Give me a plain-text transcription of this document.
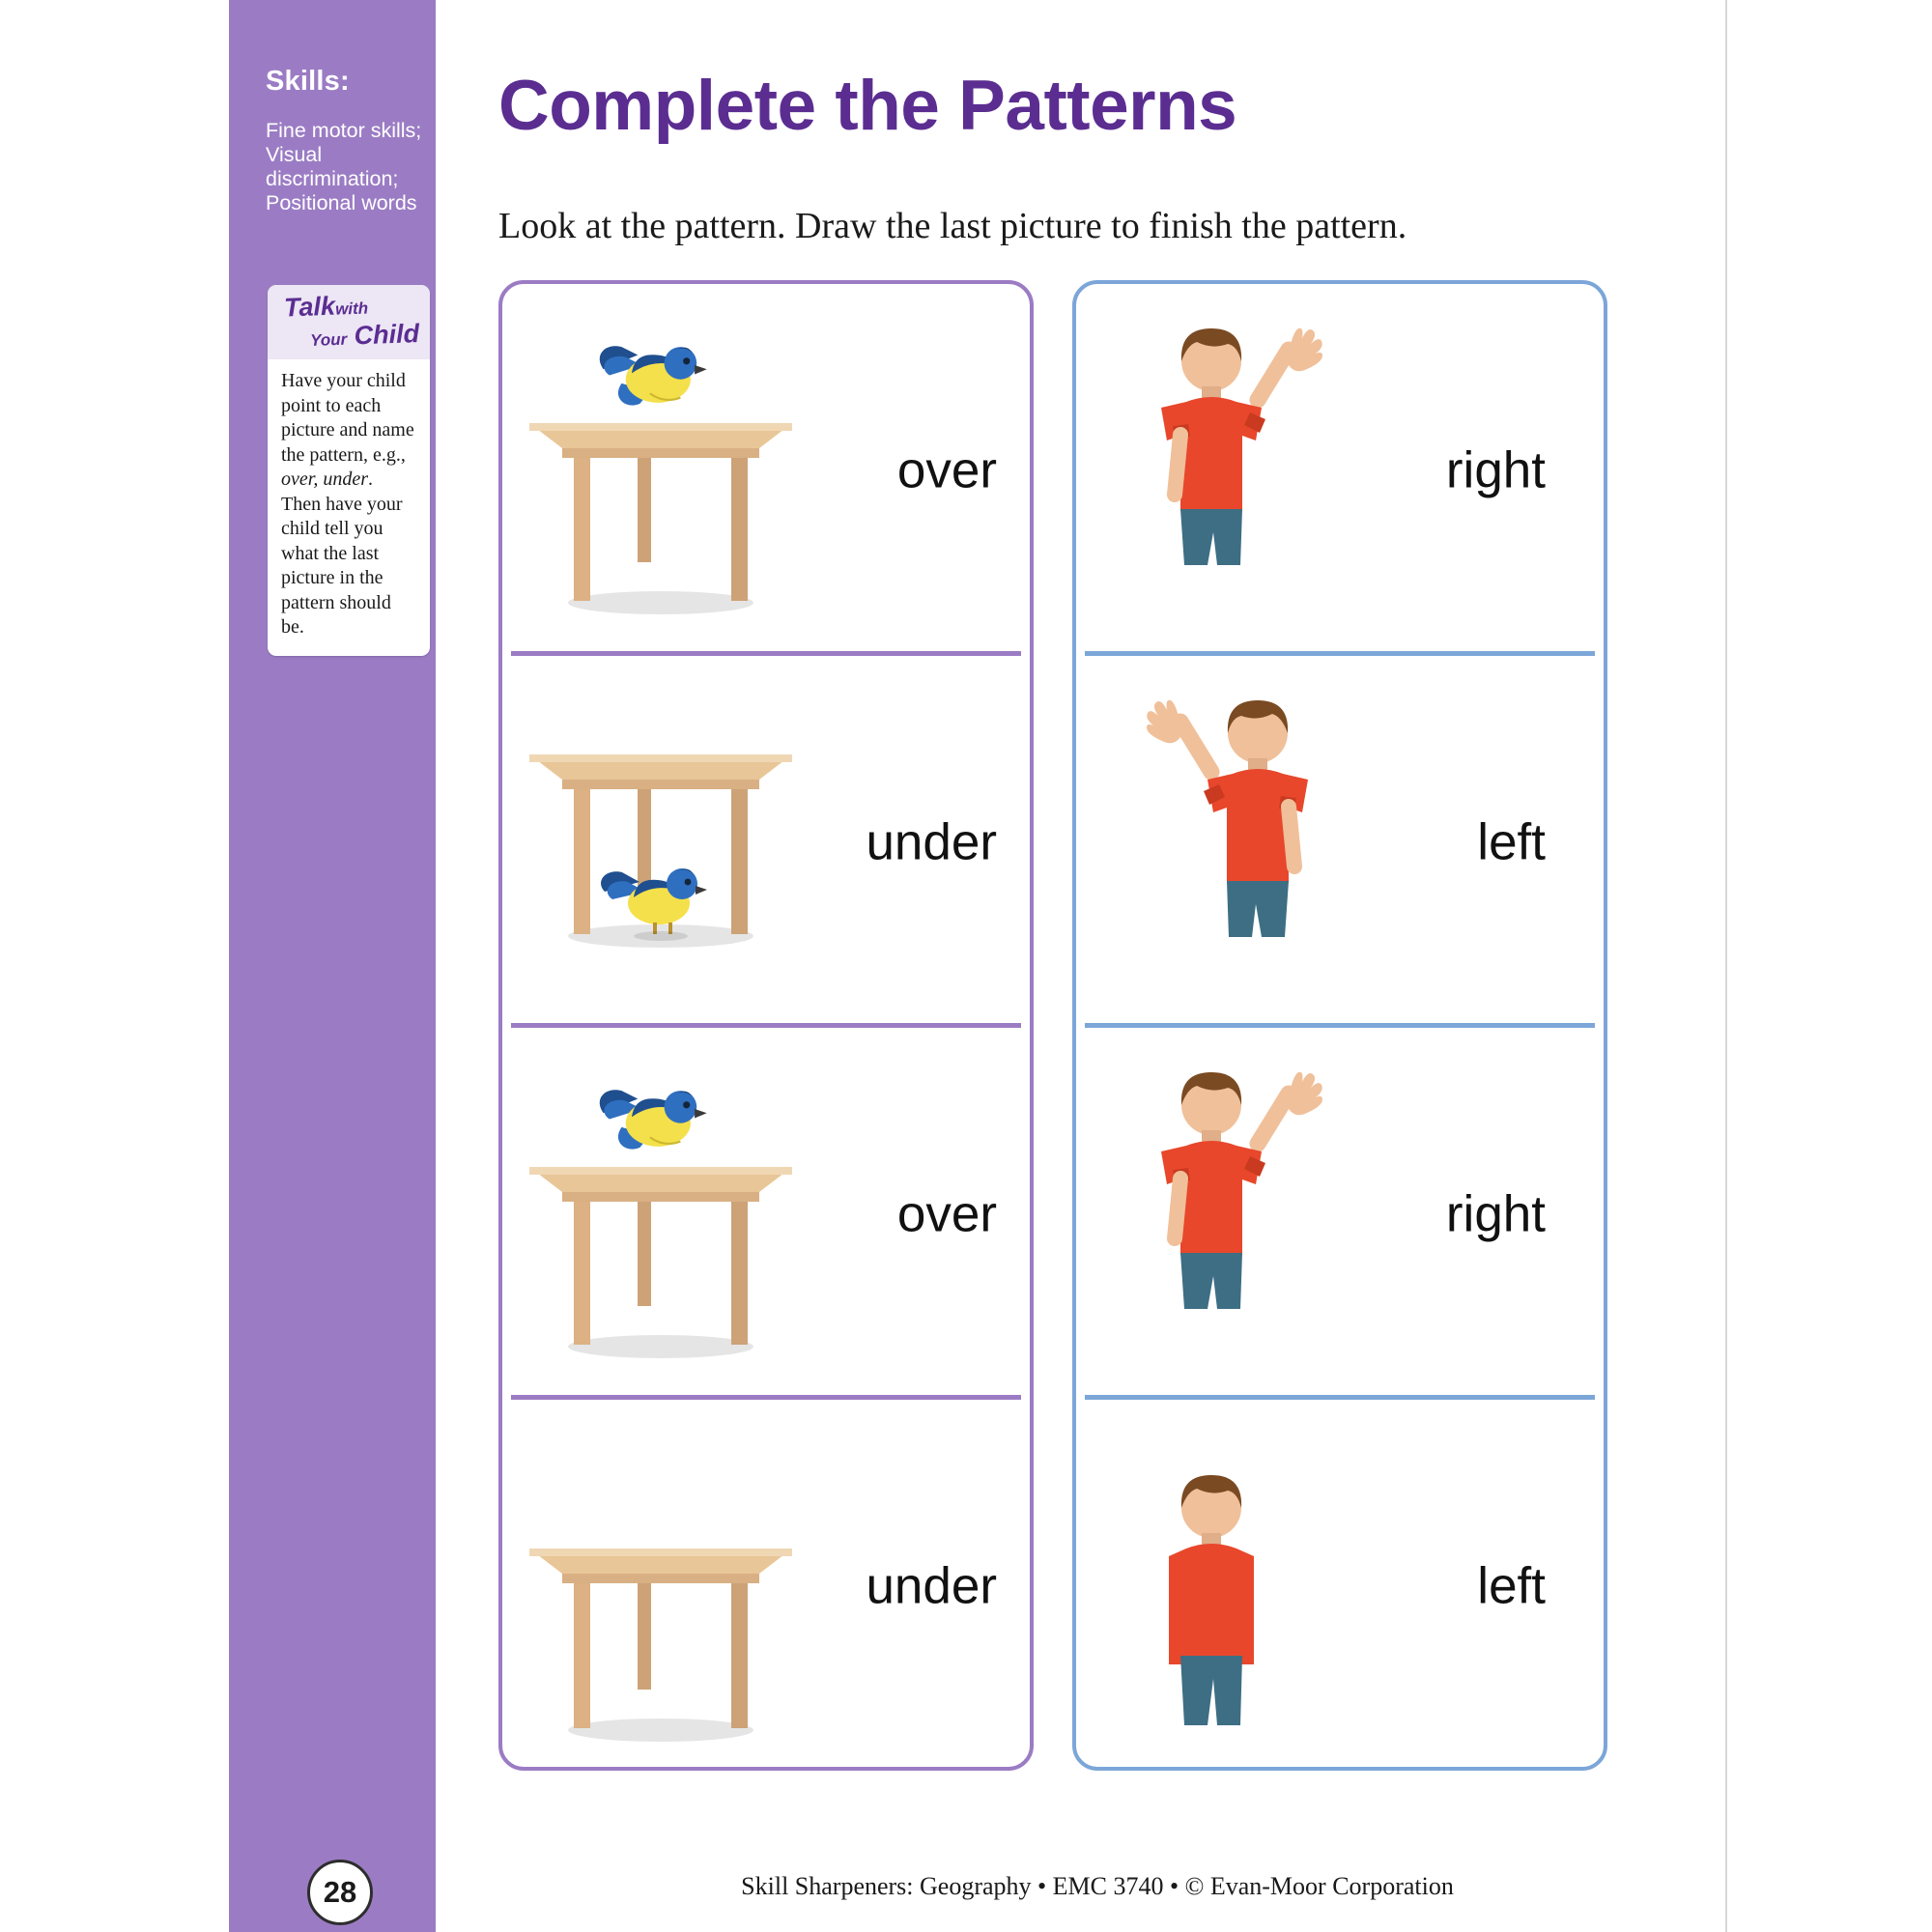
Skills:
Fine motor skills; Visual discrimination; Positional words
Talkwith
Your Child
Have your child point to each picture and name the pattern, e.g., over, under. Then have your child tell you what the last picture in the pattern should be.
28
Complete the Patterns
Look at the pattern. Draw the last picture to finish the pattern.
over
under
over
under
right
left
right
left
Skill Sharpeners: Geography • EMC 3740 • © Evan-Moor Corporation
